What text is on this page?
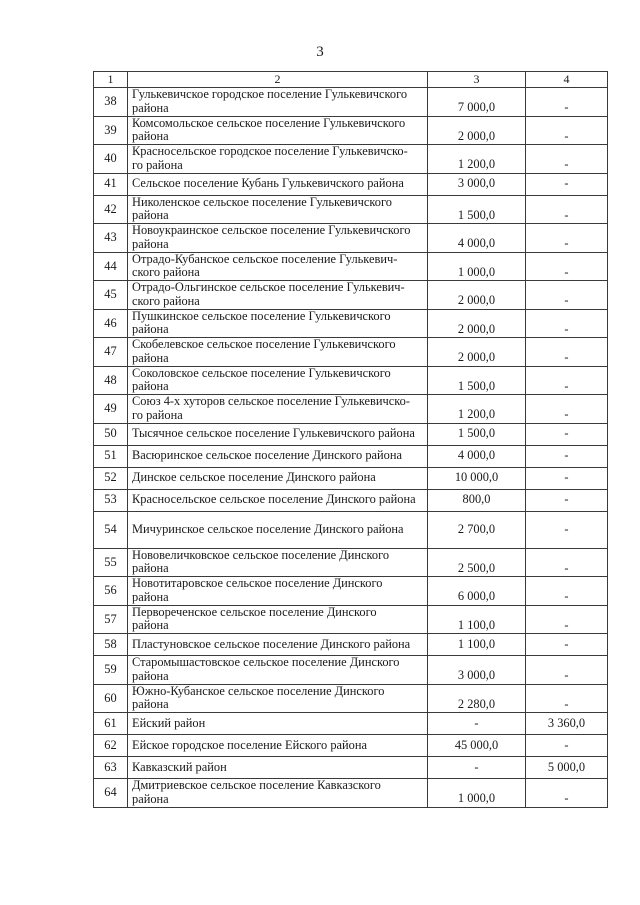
3
1	2	3	4
38	Гулькевичское городское поселение Гулькевичского
района	7 000,0	-
39	Комсомольское сельское поселение Гулькевичского
района	2 000,0	-
40	Красносельское городское поселение Гулькевичско-
го района	1 200,0	-
41	Сельское поселение Кубань Гулькевичского района	3 000,0	-
42	Николенское сельское поселение Гулькевичского
района	1 500,0	-
43	Новоукраинское сельское поселение Гулькевичского
района	4 000,0	-
44	Отрадо-Кубанское сельское поселение Гулькевич-
ского района	1 000,0	-
45	Отрадо-Ольгинское сельское поселение Гулькевич-
ского района	2 000,0	-
46	Пушкинское сельское поселение Гулькевичского
района	2 000,0	-
47	Скобелевское сельское поселение Гулькевичского
района	2 000,0	-
48	Соколовское сельское поселение Гулькевичского
района	1 500,0	-
49	Союз 4-х хуторов сельское поселение Гулькевичско-
го района	1 200,0	-
50	Тысячное сельское поселение Гулькевичского района	1 500,0	-
51	Васюринское сельское поселение Динского района	4 000,0	-
52	Динское сельское поселение Динского района	10 000,0	-
53	Красносельское сельское поселение Динского района	800,0	-
54	Мичуринское сельское поселение Динского района	2 700,0	-
55	Нововеличковское сельское поселение Динского
района	2 500,0	-
56	Новотитаровское сельское поселение Динского
района	6 000,0	-
57	Первореченское сельское поселение Динского
района	1 100,0	-
58	Пластуновское сельское поселение Динского района	1 100,0	-
59	Старомышастовское сельское поселение Динского
района	3 000,0	-
60	Южно-Кубанское сельское поселение Динского
района	2 280,0	-
61	Ейский район	-	3 360,0
62	Ейское городское поселение Ейского района	45 000,0	-
63	Кавказский район	-	5 000,0
64	Дмитриевское сельское поселение Кавказского
района	1 000,0	-
